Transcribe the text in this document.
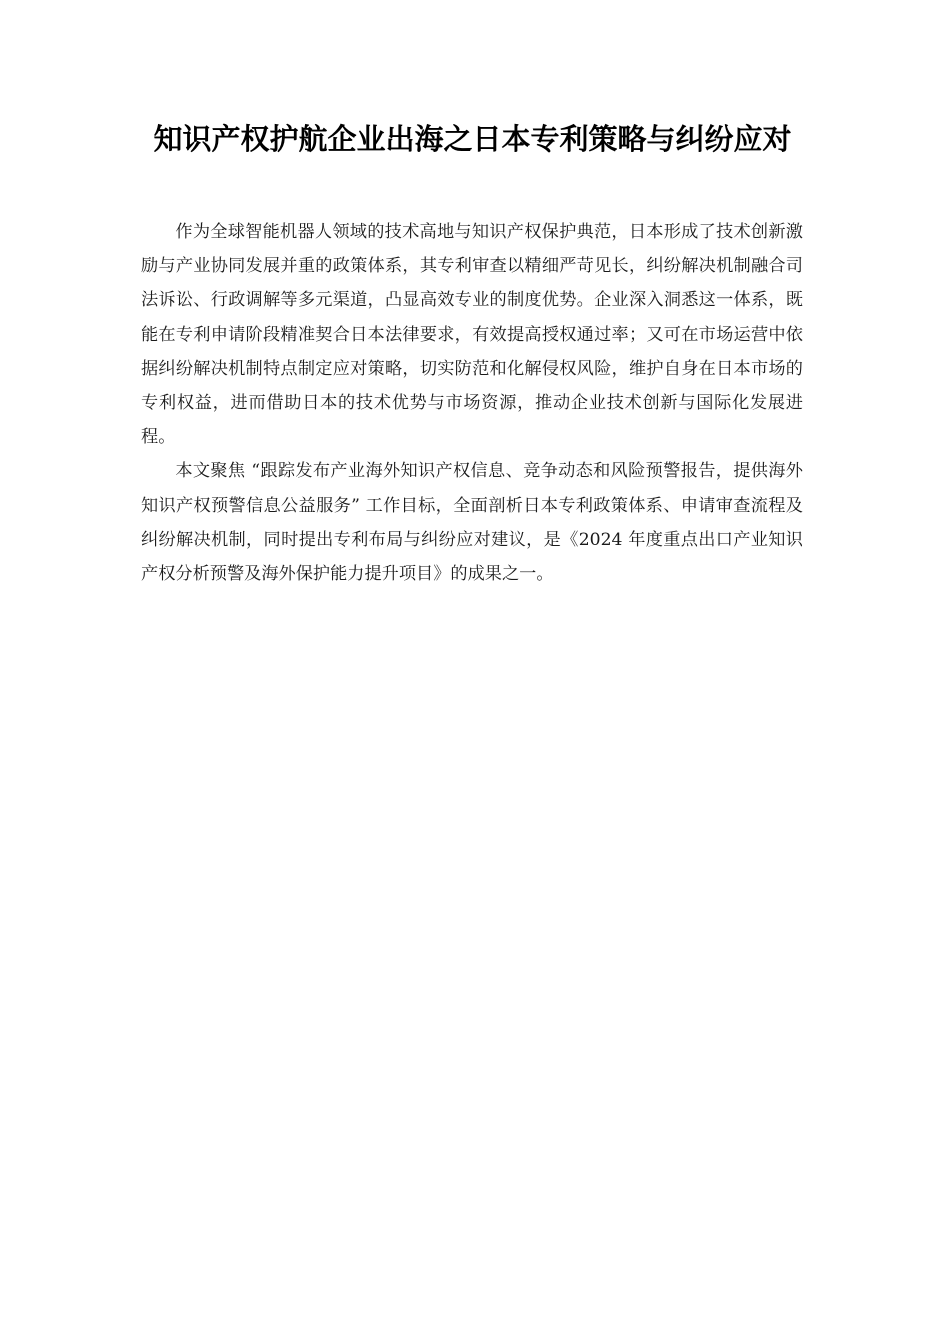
知识产权护航企业出海之日本专利策略与纠纷应对

作为全球智能机器人领域的技术高地与知识产权保护典范，日本形成了技术创新激励与产业协同发展并重的政策体系，其专利审查以精细严苛见长，纠纷解决机制融合司法诉讼、行政调解等多元渠道，凸显高效专业的制度优势。企业深入洞悉这一体系，既能在专利申请阶段精准契合日本法律要求，有效提高授权通过率；又可在市场运营中依据纠纷解决机制特点制定应对策略，切实防范和化解侵权风险，维护自身在日本市场的专利权益，进而借助日本的技术优势与市场资源，推动企业技术创新与国际化发展进程。

本文聚焦 “跟踪发布产业海外知识产权信息、竞争动态和风险预警报告，提供海外知识产权预警信息公益服务” 工作目标，全面剖析日本专利政策体系、申请审查流程及纠纷解决机制，同时提出专利布局与纠纷应对建议，是《2024 年度重点出口产业知识产权分析预警及海外保护能力提升项目》的成果之一。
